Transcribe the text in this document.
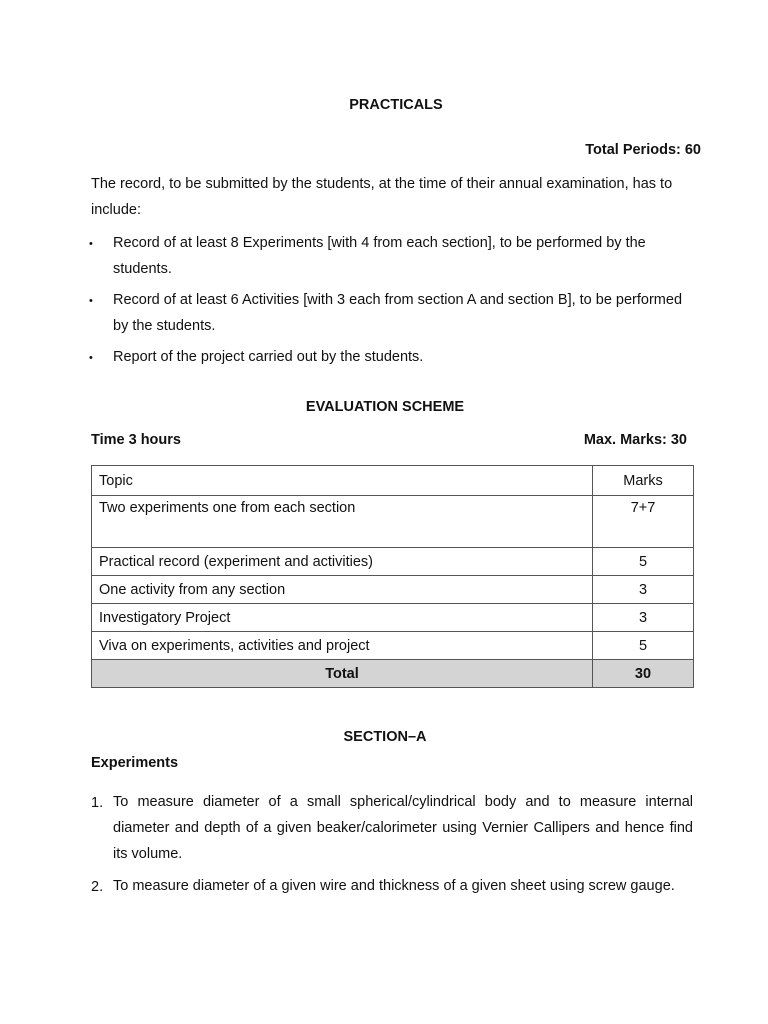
PRACTICALS
Total Periods: 60
The record, to be submitted by the students, at the time of their annual examination, has to include:
• Record of at least 8 Experiments [with 4 from each section], to be performed by the students.
• Record of at least 6 Activities [with 3 each from section A and section B], to be performed by the students.
• Report of the project carried out by the students.
EVALUATION SCHEME
Time 3 hours	Max. Marks: 30
Topic	Marks
Two experiments one from each section	7+7
Practical record (experiment and activities)	5
One activity from any section	3
Investigatory Project	3
Viva on experiments, activities and project	5
Total	30
SECTION–A
Experiments
1. To measure diameter of a small spherical/cylindrical body and to measure internal diameter and depth of a given beaker/calorimeter using Vernier Callipers and hence find its volume.
2. To measure diameter of a given wire and thickness of a given sheet using screw gauge.
